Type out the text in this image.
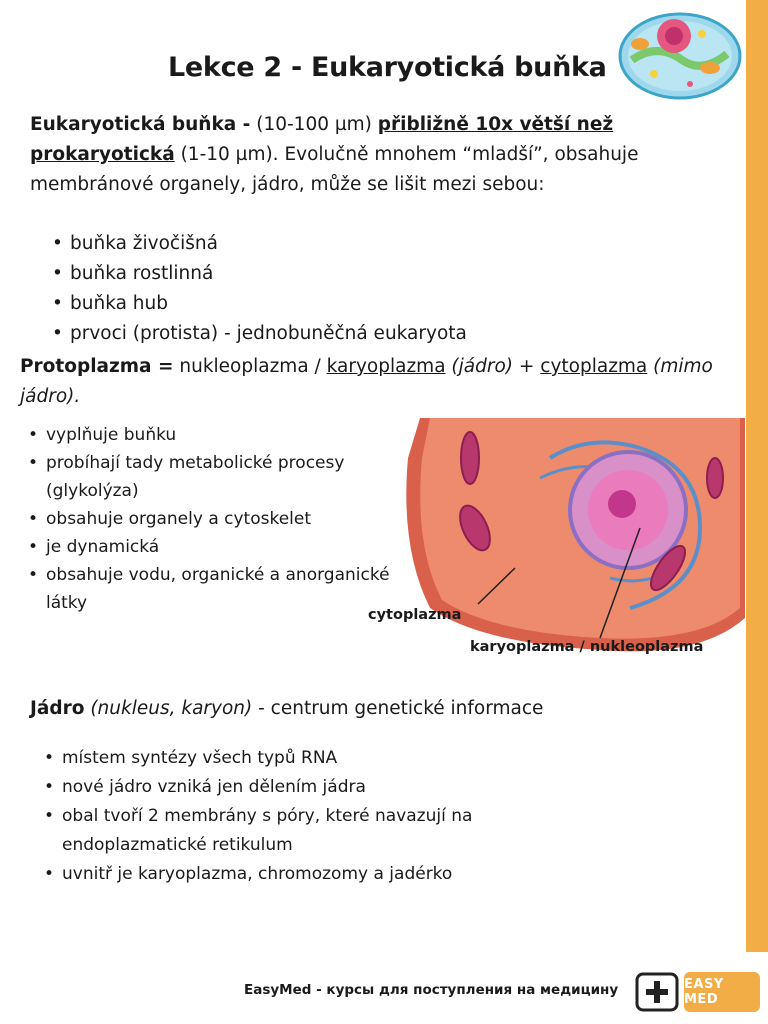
Lekce 2 - Eukaryotická buňka

Eukaryotická buňka - (10-100 µm) přibližně 10x větší než prokaryotická (1-10 µm). Evolučně mnohem “mladší”, obsahuje membránové organely, jádro, může se lišit mezi sebou:

• buňka živočišná
• buňka rostlinná
• buňka hub
• prvoci (protista) - jednobuněčná eukaryota

Protoplazma = nukleoplazma / karyoplazma (jádro) + cytoplazma (mimo jádro).

• vyplňuje buňku
• probíhají tady metabolické procesy (glykolýza)
• obsahuje organely a cytoskelet
• je dynamická
• obsahuje vodu, organické a anorganické látky

cytoplazma

karyoplazma / nukleoplazma

Jádro (nukleus, karyon) - centrum genetické informace

• místem syntézy všech typů RNA
• nové jádro vzniká jen dělením jádra
• obal tvoří 2 membrány s póry, které navazují na endoplazmatické retikulum
• uvnitř je karyoplazma, chromozomy a jadérko

EasyMed - курсы для поступления на медицину	EASY MED
